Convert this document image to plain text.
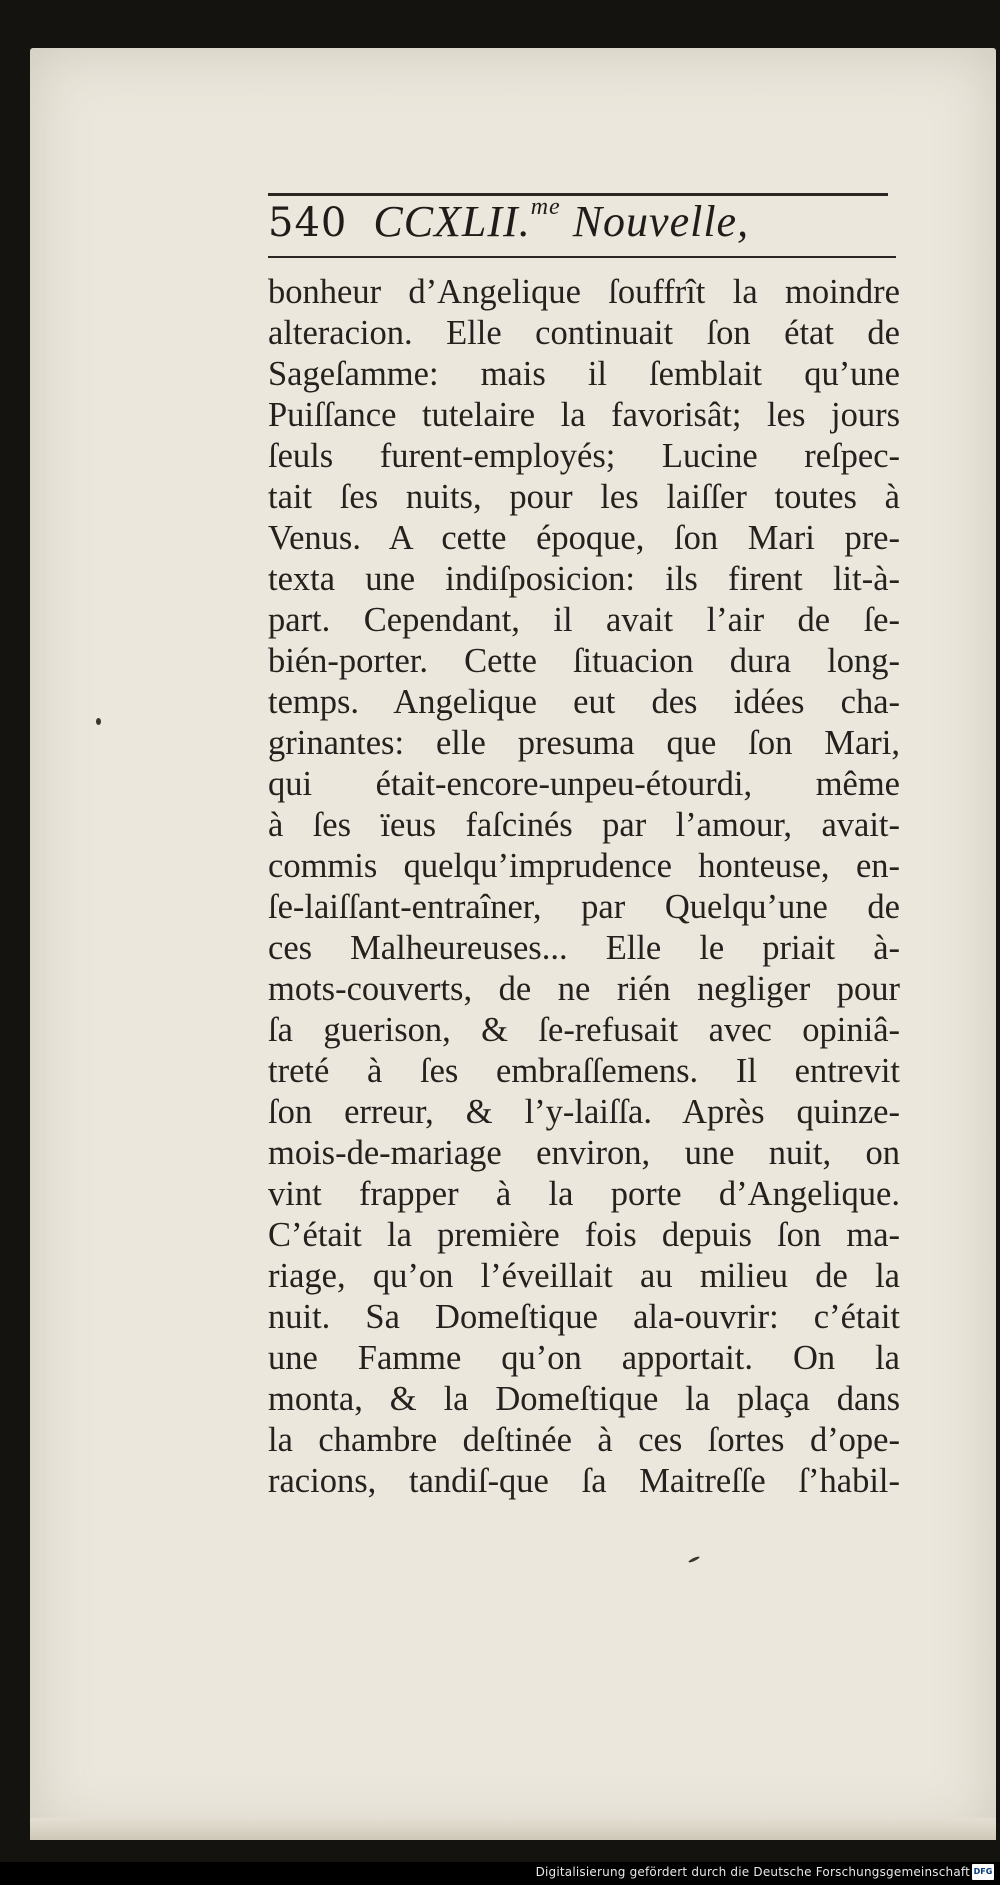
540 CCXLII.$^{me}$ Nouvelle,
bonheur d’Angelique ſouffrît la moindre
alteracion. Elle continuait ſon état de
Sageſamme: mais il ſemblait qu’une
Puiſſance tutelaire la favorisât; les jours
ſeuls furent-employés; Lucine reſpec-
tait ſes nuits, pour les laiſſer toutes à
Venus. A cette époque, ſon Mari pre-
texta une indiſposicion: ils firent lit-à-
part. Cependant, il avait l’air de ſe-
bién-porter. Cette ſituacion dura long-
temps. Angelique eut des idées cha-
grinantes: elle presuma que ſon Mari,
qui était-encore-unpeu-étourdi, même
à ſes ïeus faſcinés par l’amour, avait-
commis quelqu’imprudence honteuse, en-
ſe-laiſſant-entraîner, par Quelqu’une de
ces Malheureuses... Elle le priait à-
mots-couverts, de ne rién negliger pour
ſa guerison, & ſe-refusait avec opiniâ-
treté à ſes embraſſemens. Il entrevit
ſon erreur, & l’y-laiſſa. Après quinze-
mois-de-mariage environ, une nuit, on
vint frapper à la porte d’Angelique.
C’était la première fois depuis ſon ma-
riage, qu’on l’éveillait au milieu de la
nuit. Sa Domeſtique ala-ouvrir: c’était
une Famme qu’on apportait. On la
monta, & la Domeſtique la plaça dans
la chambre deſtinée à ces ſortes d’ope-
racions, tandiſ-que ſa Maitreſſe ſ’habil-
Digitalisierung gefördert durch die Deutsche Forschungsgemeinschaft DFG
